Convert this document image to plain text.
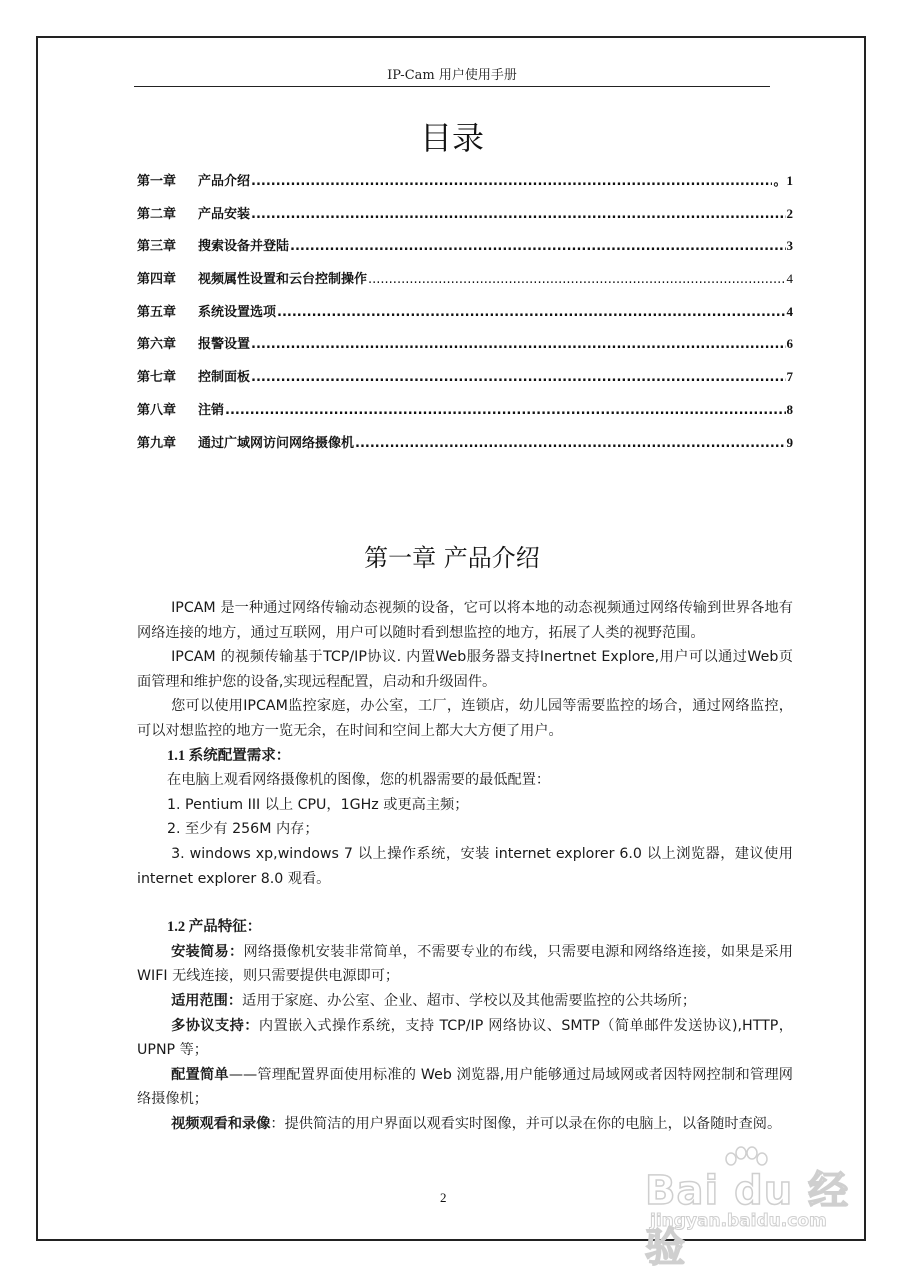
IP-Cam 用户使用手册
目录
第一章	产品介绍 .....	。1
第二章	产品安装 .....	2
第三章	搜索设备并登陆 .....	3
第四章	视频属性设置和云台控制操作 .....	4
第五章	系统设置选项 .....	4
第六章	报警设置 .....	6
第七章	控制面板 .....	7
第八章	注销 .....	8
第九章	通过广域网访问网络摄像机 .....	9
第一章 产品介绍

IPCAM 是一种通过网络传输动态视频的设备，它可以将本地的动态视频通过网络传输到世界各地有网络连接的地方，通过互联网，用户可以随时看到想监控的地方，拓展了人类的视野范围。

IPCAM 的视频传输基于TCP/IP协议. 内置Web服务器支持Inertnet Explore,用户可以通过Web页面管理和维护您的设备,实现远程配置，启动和升级固件。

您可以使用IPCAM监控家庭，办公室，工厂，连锁店，幼儿园等需要监控的场合，通过网络监控，可以对想监控的地方一览无余，在时间和空间上都大大方便了用户。

1.1 系统配置需求：
在电脑上观看网络摄像机的图像，您的机器需要的最低配置：
1. Pentium III 以上 CPU，1GHz 或更高主频；
2. 至少有 256M 内存；

3. windows xp,windows 7 以上操作系统，安装 internet explorer 6.0 以上浏览器，建议使用 internet explorer 8.0 观看。

1.2 产品特征：

安装简易：网络摄像机安装非常简单，不需要专业的布线，只需要电源和网络络连接，如果是采用 WIFI 无线连接，则只需要提供电源即可；

适用范围：适用于家庭、办公室、企业、超市、学校以及其他需要监控的公共场所；

多协议支持：内置嵌入式操作系统，支持 TCP/IP 网络协议、SMTP（简单邮件发送协议),HTTP，UPNP 等；

配置简单——管理配置界面使用标准的 Web 浏览器,用户能够通过局域网或者因特网控制和管理网络摄像机；

视频观看和录像：提供简洁的用户界面以观看实时图像，并可以录在你的电脑上，以备随时查阅。

2	Bai du 经验
jingyan.baidu.com
